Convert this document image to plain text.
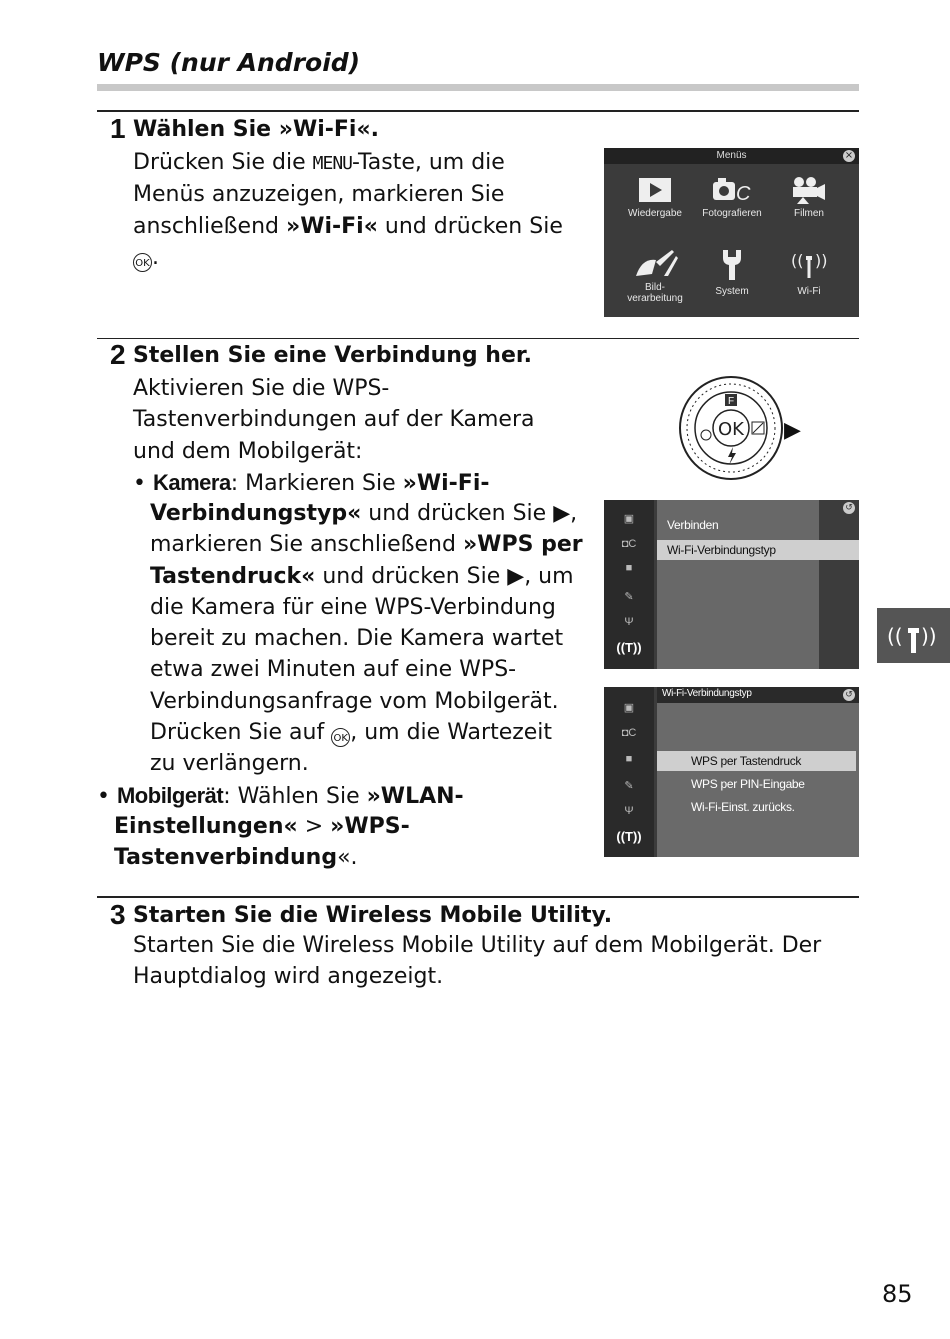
WPS (nur Android)
1 Wählen Sie »Wi-Fi«.
Drücken Sie die MENU-Taste, um die
Menüs anzuzeigen, markieren Sie
anschließend »Wi-Fi« und drücken Sie
OK .
Menüs	×
Wiedergabe
C
Fotografieren	Filmen
Bild-
verarbeitung
System
(( ))
Wi-Fi
2 Stellen Sie eine Verbindung her.
Aktivieren Sie die WPS-
Tastenverbindungen auf der Kamera
und dem Mobilgerät:
• Kamera: Markieren Sie »Wi-Fi-
Verbindungstyp« und drücken Sie ▶,
markieren Sie anschließend »WPS per
Tastendruck« und drücken Sie ▶, um
die Kamera für eine WPS-Verbindung
bereit zu machen. Die Kamera wartet
etwa zwei Minuten auf eine WPS-
Verbindungsanfrage vom Mobilgerät.
Drücken Sie auf OK , um die Wartezeit
zu verlängern.
• Mobilgerät: Wählen Sie »WLAN-
Einstellungen« > »WPS-
Tastenverbindung«.
OK
F
▶
▣
◘C
■
✎
Ψ
((T))
↺
Verbinden
Wi-Fi-Verbindungstyp
▣
◘C
■
✎
Ψ
((T))
Wi-Fi-Verbindungstyp	↺
WPS per Tastendruck
WPS per PIN-Eingabe
Wi-Fi-Einst. zurücks.
3 Starten Sie die Wireless Mobile Utility.
Starten Sie die Wireless Mobile Utility auf dem Mobilgerät. Der
Hauptdialog wird angezeigt.
(( ))
85
